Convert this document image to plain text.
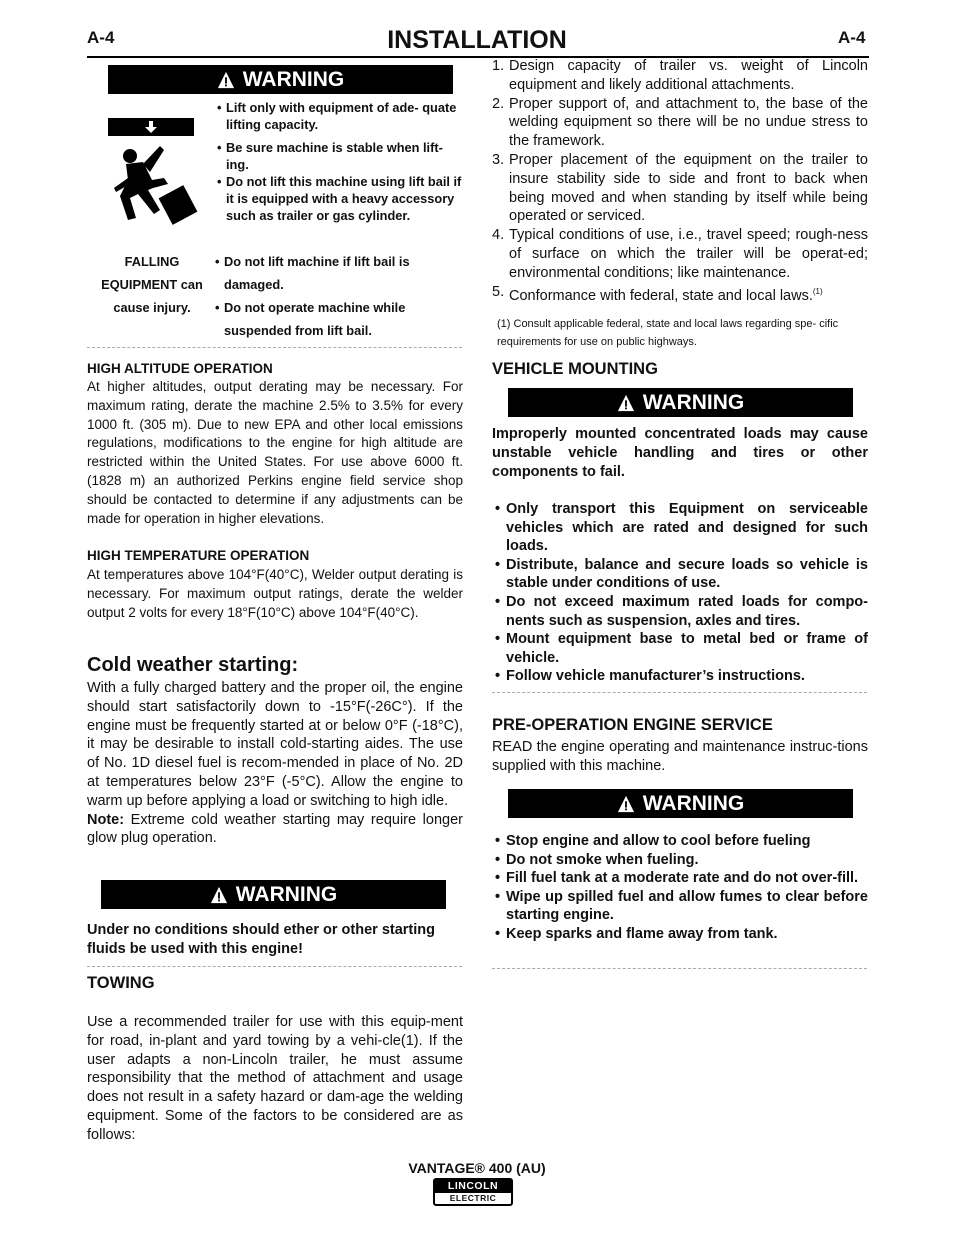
A-4	INSTALLATION	A-4
WARNING
• Lift only with equipment of ade- quate lifting capacity.
• Be sure machine is stable when lift- ing.
• Do not lift this machine using lift bail if it is equipped with a heavy accessory such as trailer or gas cylinder.
FALLING
EQUIPMENT can
cause injury.
• Do not lift machine if lift bail is damaged.
• Do not operate machine while suspended from lift bail.
HIGH ALTITUDE OPERATION
At higher altitudes, output derating may be necessary. For maximum rating, derate the machine 2.5% to 3.5% for every 1000 ft. (305 m). Due to new EPA and other local emissions regulations, modifications to the engine for high altitude are restricted within the United States. For use above 6000 ft.(1828 m) an authorized Perkins engine field service shop should be contacted to determine if any adjustments can be made for operation in higher elevations.
HIGH TEMPERATURE OPERATION
At temperatures above 104°F(40°C), Welder output derating is necessary. For maximum output ratings, derate the welder output 2 volts for every 18°F(10°C) above 104°F(40°C).
Cold weather starting:
With a fully charged battery and the proper oil, the engine should start satisfactorily down to -15°F(-26C°). If the engine must be frequently started at or below 0°F (-18°C), it may be desirable to install cold-starting aides. The use of No. 1D diesel fuel is recom-mended in place of No. 2D at temperatures below 23°F (-5°C). Allow the engine to warm up before applying a load or switching to high idle.
Note: Extreme cold weather starting may require longer glow plug operation.
WARNING
Under no conditions should ether or other starting fluids be used with this engine!
TOWING
Use a recommended trailer for use with this equip-ment for road, in-plant and yard towing by a vehi-cle(1). If the user adapts a non-Lincoln trailer, he must assume responsibility that the method of attachment and usage does not result in a safety hazard or dam-age the welding equipment. Some of the factors to be considered are as follows:
1. Design capacity of trailer vs. weight of Lincoln equipment and likely additional attachments.
2. Proper support of, and attachment to, the base of the welding equipment so there will be no undue stress to the framework.
3. Proper placement of the equipment on the trailer to insure stability side to side and front to back when being moved and when standing by itself while being operated or serviced.
4. Typical conditions of use, i.e., travel speed; rough-ness of surface on which the trailer will be operat-ed; environmental conditions; like maintenance.
5. Conformance with federal, state and local laws.$^{(1)}$
(1) Consult applicable federal, state and local laws regarding spe- cific requirements for use on public highways.
VEHICLE MOUNTING
WARNING
Improperly mounted concentrated loads may cause unstable vehicle handling and tires or other components to fail.
• Only transport this Equipment on serviceable vehicles which are rated and designed for such loads.
• Distribute, balance and secure loads so vehicle is stable under conditions of use.
• Do not exceed maximum rated loads for compo-nents such as suspension, axles and tires.
• Mount equipment base to metal bed or frame of vehicle.
• Follow vehicle manufacturer’s instructions.
PRE-OPERATION ENGINE SERVICE
READ the engine operating and maintenance instruc-tions supplied with this machine.
WARNING
• Stop engine and allow to cool before fueling
• Do not smoke when fueling.
• Fill fuel tank at a moderate rate and do not over-fill.
• Wipe up spilled fuel and allow fumes to clear before starting engine.
• Keep sparks and flame away from tank.
VANTAGE® 400 (AU)
LINCOLN
ELECTRIC
